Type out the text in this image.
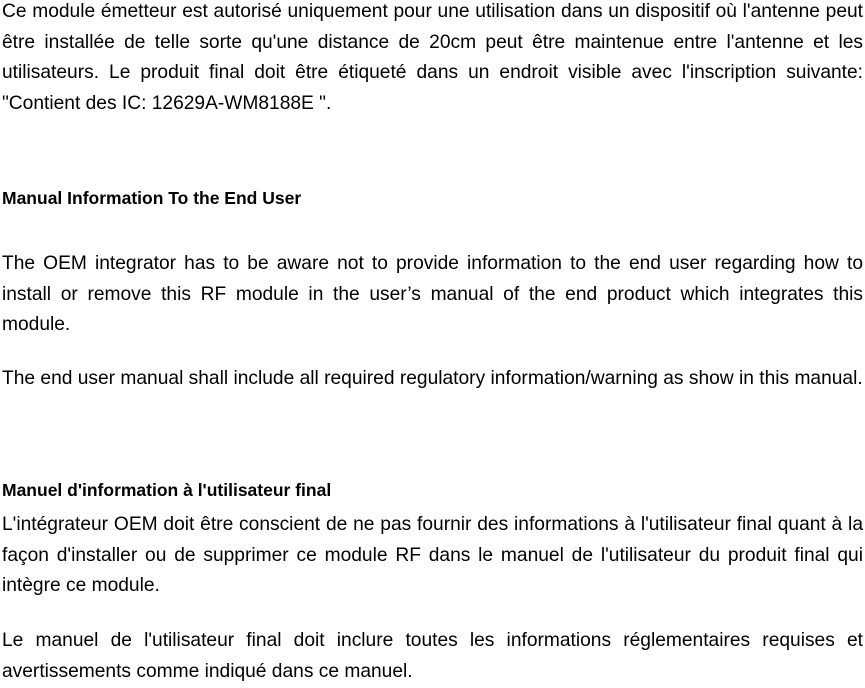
Ce module émetteur est autorisé uniquement pour une utilisation dans un dispositif où l'antenne peut être installée de telle sorte qu'une distance de 20cm peut être maintenue entre l'antenne et les utilisateurs. Le produit final doit être étiqueté dans un endroit visible avec l'inscription suivante: "Contient des IC: 12629A-WM8188E ".

Manual Information To the End User

The OEM integrator has to be aware not to provide information to the end user regarding how to install or remove this RF module in the user’s manual of the end product which integrates this module.

The end user manual shall include all required regulatory information/warning as show in this manual.

Manuel d'information à l'utilisateur final

L'intégrateur OEM doit être conscient de ne pas fournir des informations à l'utilisateur final quant à la façon d'installer ou de supprimer ce module RF dans le manuel de l'utilisateur du produit final qui intègre ce module.

Le manuel de l'utilisateur final doit inclure toutes les informations réglementaires requises et avertissements comme indiqué dans ce manuel.
